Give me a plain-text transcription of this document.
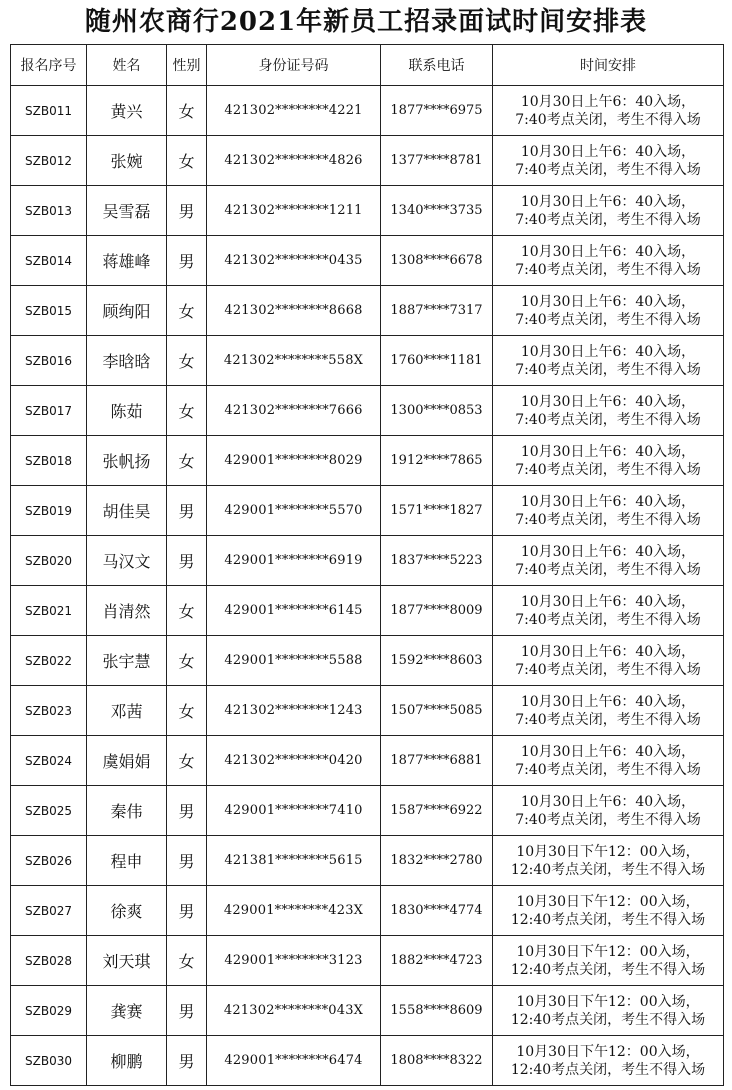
随州农商行2021年新员工招录面试时间安排表
报名序号	姓名	性别	身份证号码	联系电话	时间安排
SZB011	黄兴	女	421302********4221	1877****6975	10月30日上午6：40入场，
7:40考点关闭，考生不得入场

SZB012	张婉	女	421302********4826	1377****8781	10月30日上午6：40入场，
7:40考点关闭，考生不得入场

SZB013	吴雪磊	男	421302********1211	1340****3735	10月30日上午6：40入场，
7:40考点关闭，考生不得入场

SZB014	蒋雄峰	男	421302********0435	1308****6678	10月30日上午6：40入场，
7:40考点关闭，考生不得入场

SZB015	顾绚阳	女	421302********8668	1887****7317	10月30日上午6：40入场，
7:40考点关闭，考生不得入场

SZB016	李晗晗	女	421302********558X	1760****1181	10月30日上午6：40入场，
7:40考点关闭，考生不得入场

SZB017	陈茹	女	421302********7666	1300****0853	10月30日上午6：40入场，
7:40考点关闭，考生不得入场

SZB018	张帆扬	女	429001********8029	1912****7865	10月30日上午6：40入场，
7:40考点关闭，考生不得入场

SZB019	胡佳昊	男	429001********5570	1571****1827	10月30日上午6：40入场，
7:40考点关闭，考生不得入场

SZB020	马汉文	男	429001********6919	1837****5223	10月30日上午6：40入场，
7:40考点关闭，考生不得入场

SZB021	肖清然	女	429001********6145	1877****8009	10月30日上午6：40入场，
7:40考点关闭，考生不得入场

SZB022	张宇慧	女	429001********5588	1592****8603	10月30日上午6：40入场，
7:40考点关闭，考生不得入场

SZB023	邓茜	女	421302********1243	1507****5085	10月30日上午6：40入场，
7:40考点关闭，考生不得入场

SZB024	虞娟娟	女	421302********0420	1877****6881	10月30日上午6：40入场，
7:40考点关闭，考生不得入场

SZB025	秦伟	男	429001********7410	1587****6922	10月30日上午6：40入场，
7:40考点关闭，考生不得入场

SZB026	程申	男	421381********5615	1832****2780	10月30日下午12：00入场，
12:40考点关闭，考生不得入场

SZB027	徐爽	男	429001********423X	1830****4774	10月30日下午12：00入场，
12:40考点关闭，考生不得入场

SZB028	刘天琪	女	429001********3123	1882****4723	10月30日下午12：00入场，
12:40考点关闭，考生不得入场

SZB029	龚赛	男	421302********043X	1558****8609	10月30日下午12：00入场，
12:40考点关闭，考生不得入场

SZB030	柳鹏	男	429001********6474	1808****8322	10月30日下午12：00入场，
12:40考点关闭，考生不得入场
